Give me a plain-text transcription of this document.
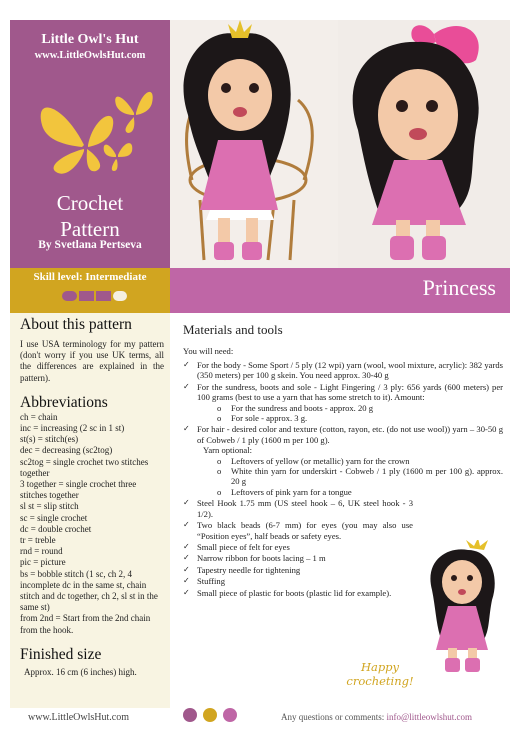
Little Owl's Hut
www.LittleOwlsHut.com
Crochet
Pattern
By Svetlana Pertseva
Skill level: Intermediate	Princess
About this pattern
I use USA terminology for my pattern (don't worry if you use UK terms, all the differences are explained in the pattern).
Abbreviations
ch = chain
inc = increasing (2 sc in 1 st)
st(s) = stitch(es)
dec = decreasing (sc2tog)
sc2tog = single crochet two stitches together
3 together = single crochet three stitches together
sl st = slip stitch
sc = single crochet
dc = double crochet
tr = treble
rnd = round
pic = picture
bs = bobble stitch (1 sc, ch 2, 4 incomplete dc in the same st, chain stitch and dc together, ch 2, sl st in the same st)
from 2nd = Start from the 2nd chain from the hook.
Finished size
Approx. 16 cm (6 inches) high.
Materials and tools
You will need:
✓ For the body - Some Sport / 5 ply (12 wpi) yarn (wool, wool mixture, acrylic): 382 yards (350 meters) per 100 g skein. You need approx. 30-40 g
✓ For the sundress, boots and sole - Light Fingering / 3 ply: 656 yards (600 meters) per 100 grams (best to use a yarn that has some stretch to it). Amount:
o For the sundress and boots - approx. 20 g
o For sole - approx. 3 g.
✓ For hair - desired color and texture (cotton, rayon, etc. (do not use wool)) yarn – 30-50 g of Cobweb / 1 ply (1600 m per 100 g).
Yarn optional:
o Leftovers of yellow (or metallic) yarn for the crown
o White thin yarn for underskirt - Cobweb / 1 ply (1600 m per 100 g). approx. 20 g
o Leftovers of pink yarn for a tongue
✓ Steel Hook 1.75 mm (US steel hook – 6, UK steel hook - 3 1/2).
✓ Two black beads (6-7 mm) for eyes (you may also use “Position eyes”, half beads or safety eyes.
✓ Small piece of felt for eyes
✓ Narrow ribbon for boots lacing – 1 m
✓ Tapestry needle for tightening
✓ Stuffing
✓ Small piece of plastic for boots (plastic lid for example).
Happy
crocheting!
www.LittleOwlsHut.com	Any questions or comments: info@littleowlshut.com
